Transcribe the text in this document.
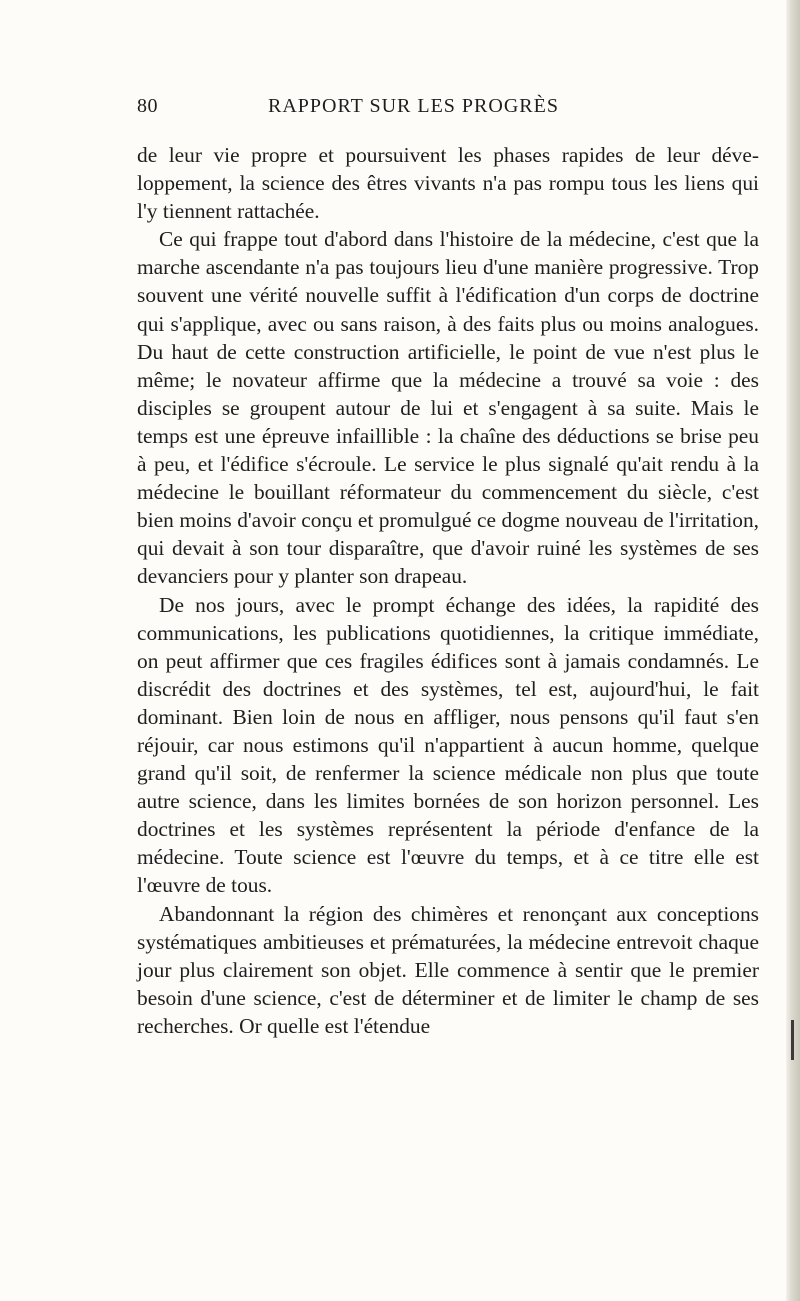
80	RAPPORT SUR LES PROGRÈS

de leur vie propre et poursuivent les phases rapides de leur développement, la science des êtres vivants n'a pas rompu tous les liens qui l'y tiennent rattachée.

Ce qui frappe tout d'abord dans l'histoire de la médecine, c'est que la marche ascendante n'a pas toujours lieu d'une manière progressive. Trop souvent une vérité nouvelle suffit à l'édification d'un corps de doctrine qui s'applique, avec ou sans raison, à des faits plus ou moins analogues. Du haut de cette construction artificielle, le point de vue n'est plus le même; le novateur affirme que la médecine a trouvé sa voie : des disciples se groupent autour de lui et s'engagent à sa suite. Mais le temps est une épreuve infaillible : la chaîne des déductions se brise peu à peu, et l'édifice s'écroule. Le service le plus signalé qu'ait rendu à la médecine le bouillant réformateur du commencement du siècle, c'est bien moins d'avoir conçu et promulgué ce dogme nouveau de l'irritation, qui devait à son tour disparaître, que d'avoir ruiné les systèmes de ses devanciers pour y planter son drapeau.

De nos jours, avec le prompt échange des idées, la rapidité des communications, les publications quotidiennes, la critique immédiate, on peut affirmer que ces fragiles édifices sont à jamais condamnés. Le discrédit des doctrines et des systèmes, tel est, aujourd'hui, le fait dominant. Bien loin de nous en affliger, nous pensons qu'il faut s'en réjouir, car nous estimons qu'il n'appartient à aucun homme, quelque grand qu'il soit, de renfermer la science médicale non plus que toute autre science, dans les limites bornées de son horizon personnel. Les doctrines et les systèmes représentent la période d'enfance de la médecine. Toute science est l'œuvre du temps, et à ce titre elle est l'œuvre de tous.

Abandonnant la région des chimères et renonçant aux conceptions systématiques ambitieuses et prématurées, la médecine entrevoit chaque jour plus clairement son objet. Elle commence à sentir que le premier besoin d'une science, c'est de déterminer et de limiter le champ de ses recherches. Or quelle est l'étendue
